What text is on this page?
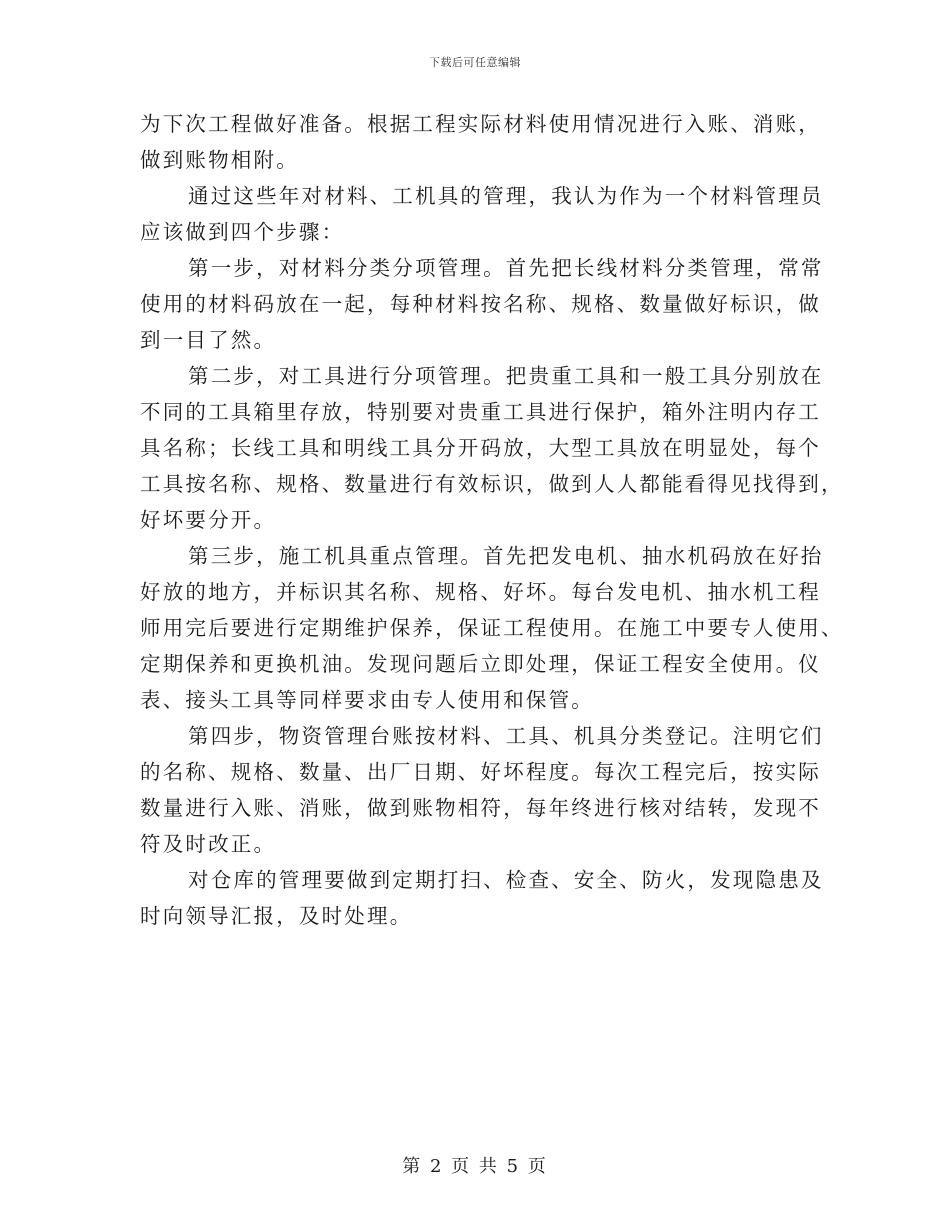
下载后可任意编辑
为下次工程做好准备。根据工程实际材料使用情况进行入账、消账，
做到账物相附。
通过这些年对材料、工机具的管理，我认为作为一个材料管理员
应该做到四个步骤：
第一步，对材料分类分项管理。首先把长线材料分类管理，常常
使用的材料码放在一起，每种材料按名称、规格、数量做好标识，做
到一目了然。
第二步，对工具进行分项管理。把贵重工具和一般工具分别放在
不同的工具箱里存放，特别要对贵重工具进行保护，箱外注明内存工
具名称；长线工具和明线工具分开码放，大型工具放在明显处，每个
工具按名称、规格、数量进行有效标识，做到人人都能看得见找得到，
好坏要分开。
第三步，施工机具重点管理。首先把发电机、抽水机码放在好抬
好放的地方，并标识其名称、规格、好坏。每台发电机、抽水机工程
师用完后要进行定期维护保养，保证工程使用。在施工中要专人使用、
定期保养和更换机油。发现问题后立即处理，保证工程安全使用。仪
表、接头工具等同样要求由专人使用和保管。
第四步，物资管理台账按材料、工具、机具分类登记。注明它们
的名称、规格、数量、出厂日期、好坏程度。每次工程完后，按实际
数量进行入账、消账，做到账物相符，每年终进行核对结转，发现不
符及时改正。
对仓库的管理要做到定期打扫、检查、安全、防火，发现隐患及
时向领导汇报，及时处理。
第 2 页 共 5 页
